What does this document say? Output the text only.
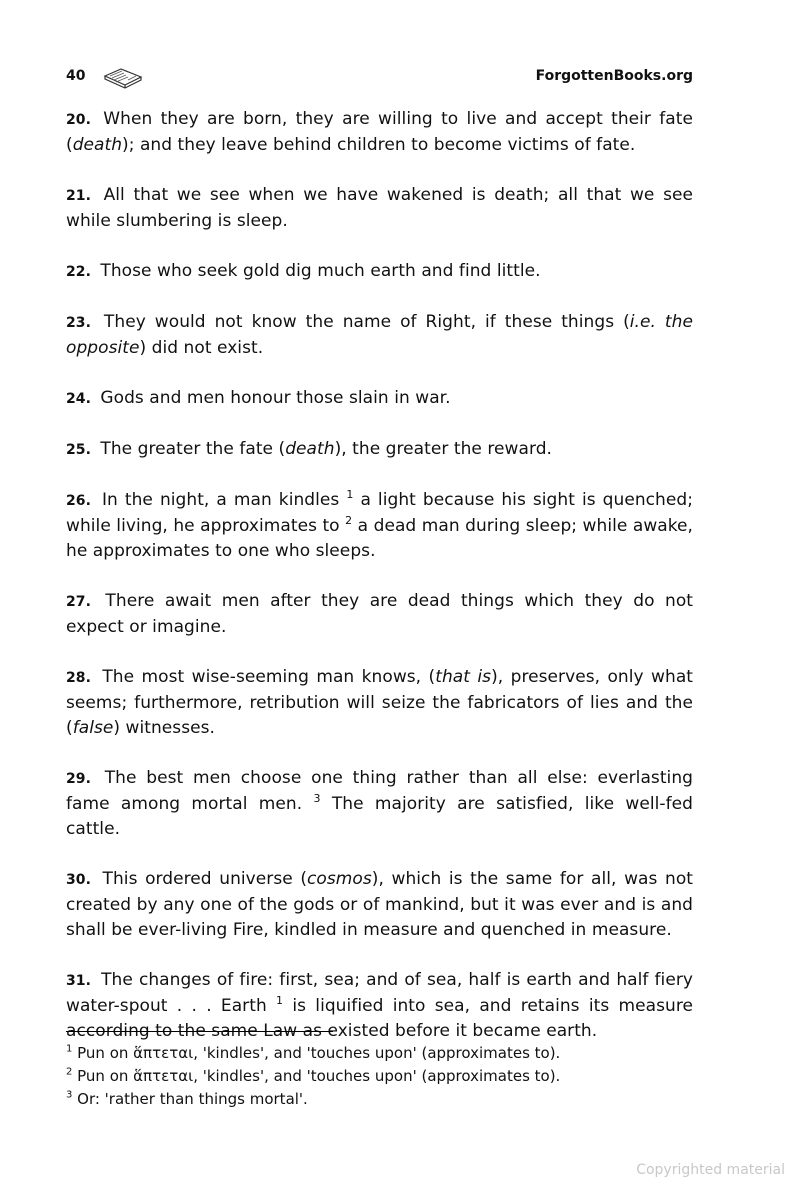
40	ForgottenBooks.org

20. When they are born, they are willing to live and accept their fate (death); and they leave behind children to become victims of fate.

21. All that we see when we have wakened is death; all that we see while slumbering is sleep.

22. Those who seek gold dig much earth and find little.

23. They would not know the name of Right, if these things (i.e. the opposite) did not exist.

24. Gods and men honour those slain in war.

25. The greater the fate (death), the greater the reward.

26. In the night, a man kindles $^1$ a light because his sight is quenched; while living, he approximates to $^2$ a dead man during sleep; while awake, he approximates to one who sleeps.

27. There await men after they are dead things which they do not expect or imagine.

28. The most wise-seeming man knows, (that is), preserves, only what seems; furthermore, retribution will seize the fabricators of lies and the (false) witnesses.

29. The best men choose one thing rather than all else: everlasting fame among mortal men. $^3$ The majority are satisfied, like well-fed cattle.

30. This ordered universe (cosmos), which is the same for all, was not created by any one of the gods or of mankind, but it was ever and is and shall be ever-living Fire, kindled in measure and quenched in measure.

31. The changes of fire: first, sea; and of sea, half is earth and half fiery water-spout . . . Earth $^1$ is liquified into sea, and retains its measure according to the same Law as existed before it became earth.

$^1$ Pun on ἅπτεται, 'kindles', and 'touches upon' (approximates to).

$^2$ Pun on ἅπτεται, 'kindles', and 'touches upon' (approximates to).

$^3$ Or: 'rather than things mortal'.

Copyrighted material
